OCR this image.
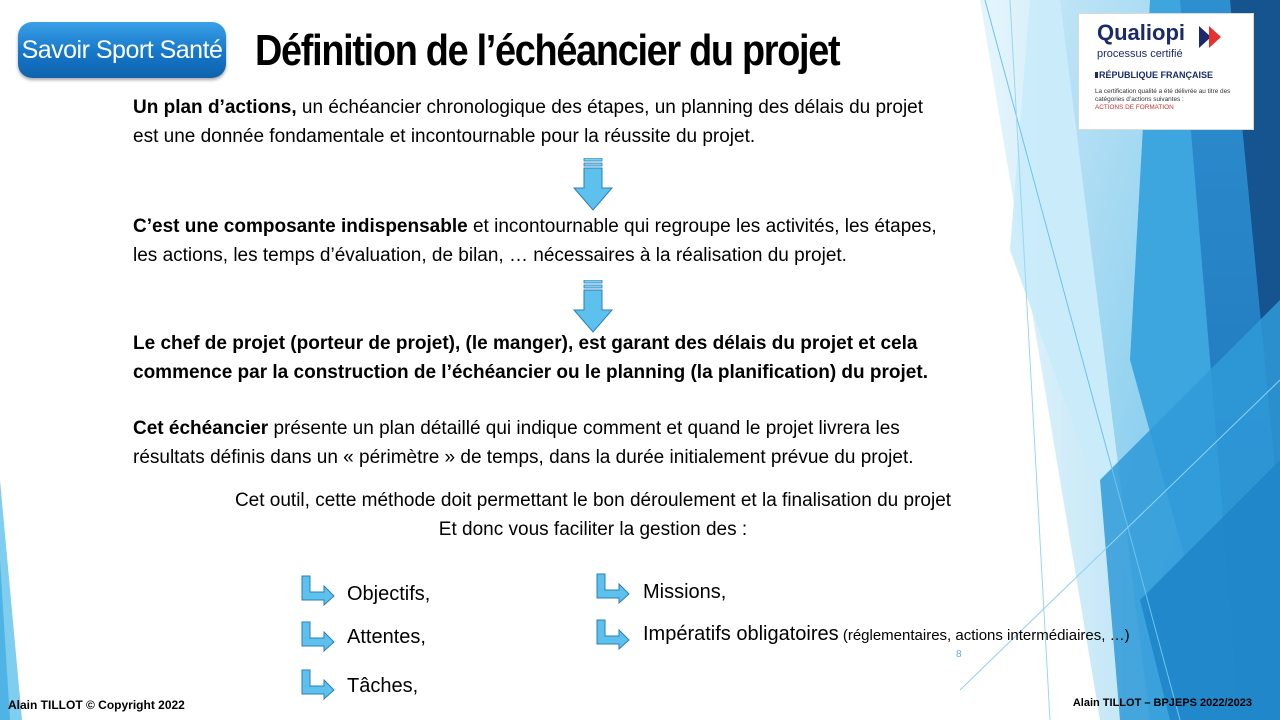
Savoir Sport Santé Définition de l’échéancier du projet	Qualiopi
processus certifié
RÉPUBLIQUE FRANÇAISE
La certification qualité a été délivrée au titre des catégories d’actions suivantes :
ACTIONS DE FORMATION
Un plan d’actions, un échéancier chronologique des étapes, un planning des délais du projet
est une donnée fondamentale et incontournable pour la réussite du projet.
C’est une composante indispensable et incontournable qui regroupe les activités, les étapes,
les actions, les temps d’évaluation, de bilan, … nécessaires à la réalisation du projet.
Le chef de projet (porteur de projet), (le manger), est garant des délais du projet et cela
commence par la construction de l’échéancier ou le planning (la planification) du projet.
Cet échéancier présente un plan détaillé qui indique comment et quand le projet livrera les
résultats définis dans un « périmètre » de temps, dans la durée initialement prévue du projet.
Cet outil, cette méthode doit permettant le bon déroulement et la finalisation du projet
Et donc vous faciliter la gestion des :
Objectifs,
Attentes,
Tâches,
Missions,
Impératifs obligatoires (réglementaires, actions intermédiaires, …)
8
Alain TILLOT © Copyright 2022	Alain TILLOT – BPJEPS 2022/2023
